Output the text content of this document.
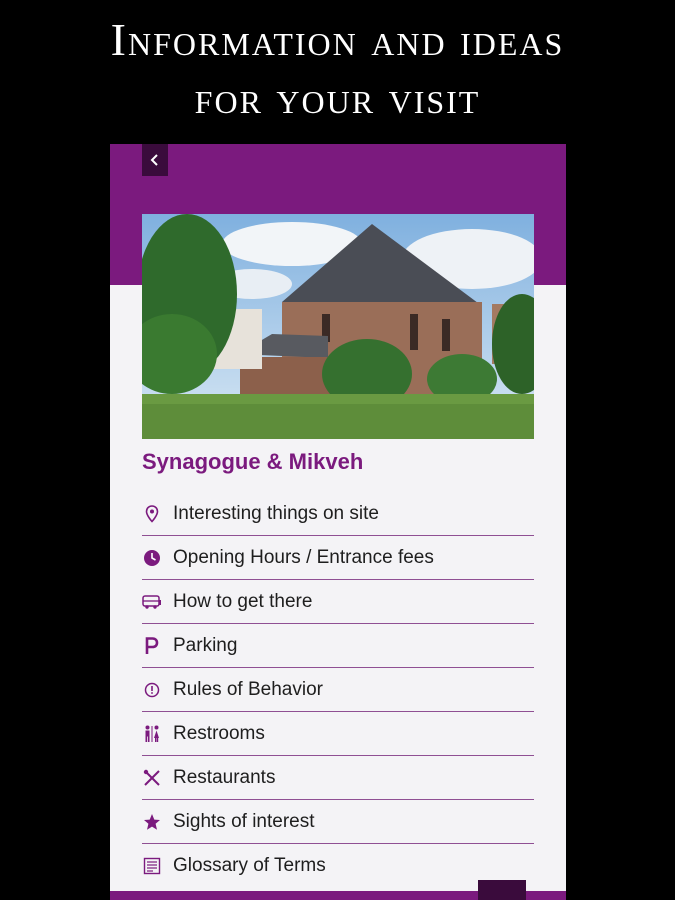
Information and ideas
for your visit
Synagogue & Mikveh
Interesting things on site
Opening Hours / Entrance fees
How to get there
Parking
Rules of Behavior
Restrooms
Restaurants
Sights of interest
Glossary of Terms
